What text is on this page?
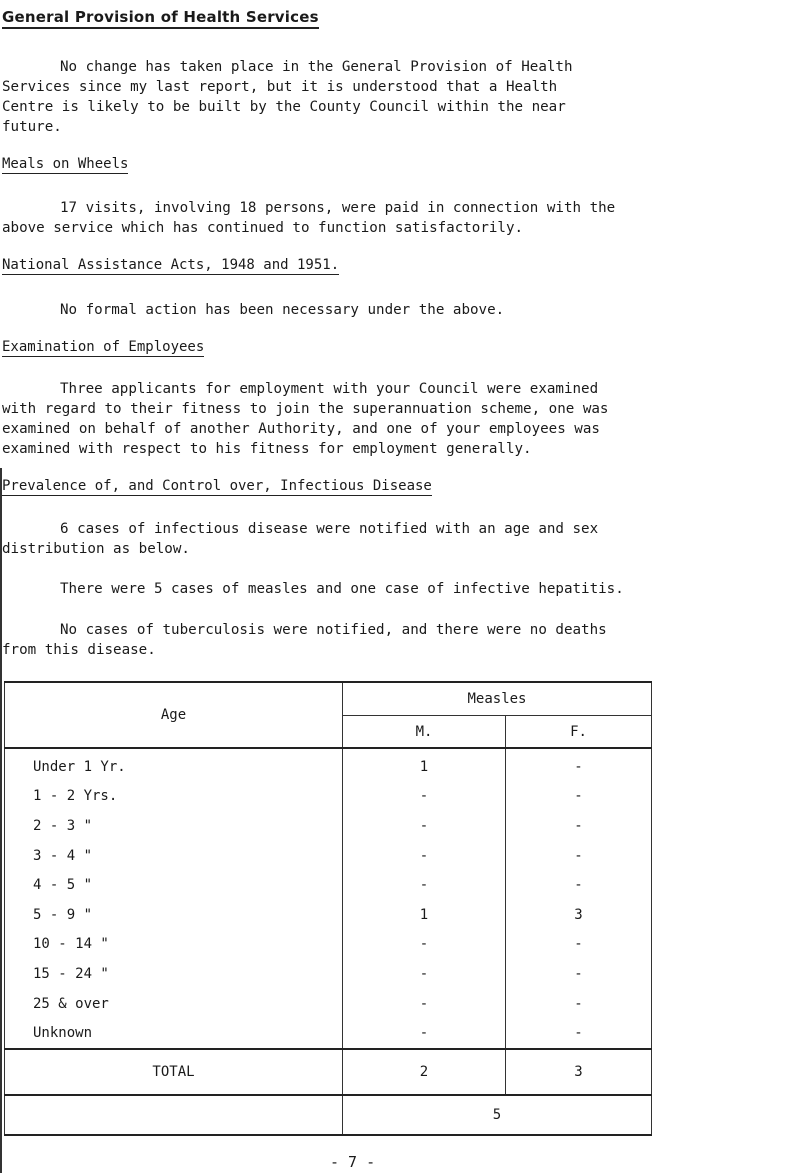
General Provision of Health Services
No change has taken place in the General Provision of Health
Services since my last report, but it is understood that a Health
Centre is likely to be built by the County Council within the near
future.
Meals on Wheels
17 visits, involving 18 persons, were paid in connection with the
above service which has continued to function satisfactorily.
National Assistance Acts, 1948 and 1951.
No formal action has been necessary under the above.
Examination of Employees
Three applicants for employment with your Council were examined
with regard to their fitness to join the superannuation scheme, one was
examined on behalf of another Authority, and one of your employees was
examined with respect to his fitness for employment generally.
Prevalence of, and Control over, Infectious Disease
6 cases of infectious disease were notified with an age and sex
distribution as below.
There were 5 cases of measles and one case of infective hepatitis.
No cases of tuberculosis were notified, and there were no deaths
from this disease.
Age	Measles	
	M.	F.

Under 1 Yr.	1	-
1 - 2 Yrs.	-	-
2 - 3 "	-	-
3 - 4 "	-	-
4 - 5 "	-	-
5 - 9 "	1	3
10 - 14 "	-	-
15 - 24 "	-	-
25 & over	-	-
Unknown	-	-
TOTAL	2	3
	5	
- 7 -
